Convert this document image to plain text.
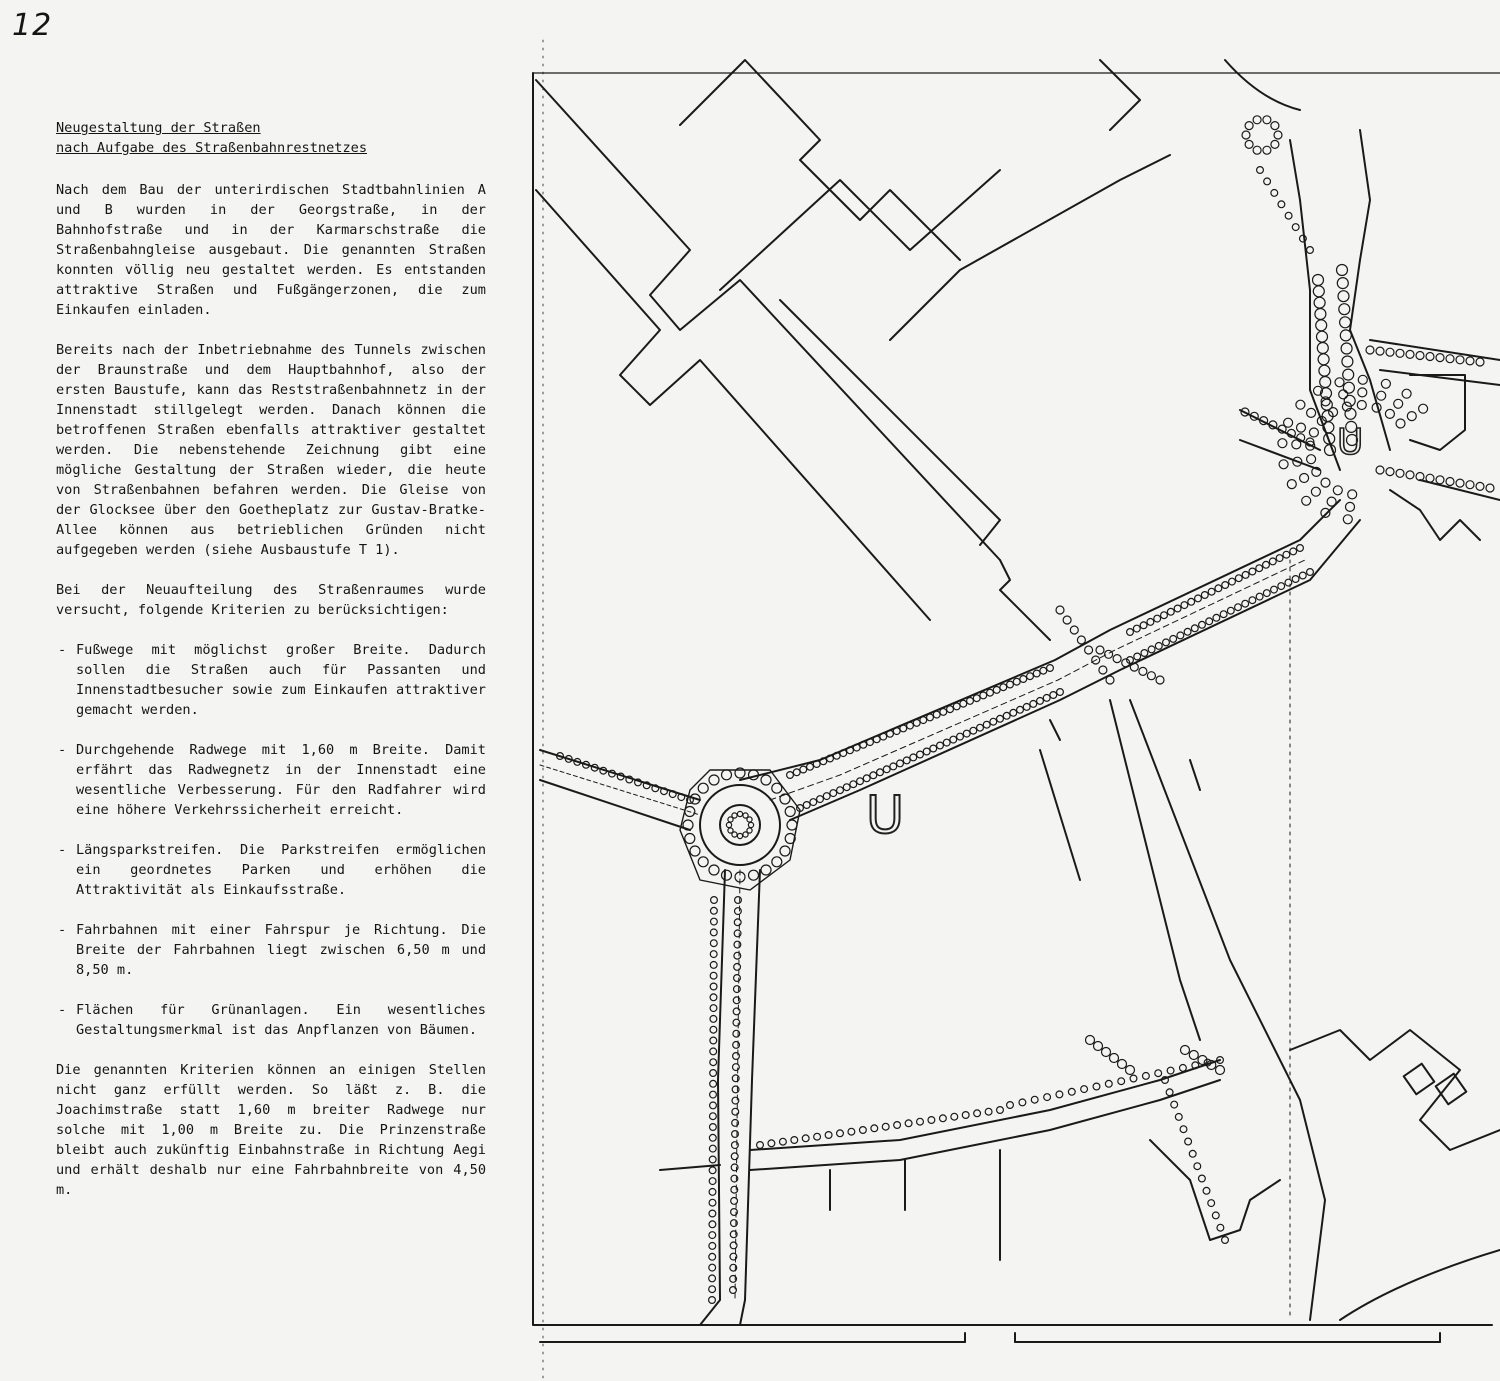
12
Neugestaltung der Straßen
nach Aufgabe des Straßenbahnrestnetzes

Nach dem Bau der unterirdischen Stadtbahnlinien A und B wurden in der Georgstraße, in der Bahnhofstraße und in der Karmarschstraße die Straßenbahngleise ausgebaut. Die genannten Straßen konnten völlig neu gestaltet werden. Es entstanden attraktive Straßen und Fußgängerzonen, die zum Einkaufen einladen.

Bereits nach der Inbetriebnahme des Tunnels zwischen der Braunstraße und dem Hauptbahnhof, also der ersten Baustufe, kann das Reststraßenbahnnetz in der Innenstadt stillgelegt werden. Danach können die betroffenen Straßen ebenfalls attraktiver gestaltet werden. Die nebenstehende Zeichnung gibt eine mögliche Gestaltung der Straßen wieder, die heute von Straßenbahnen befahren werden. Die Gleise von der Glocksee über den Goetheplatz zur Gustav-Bratke-Allee können aus betrieblichen Gründen nicht aufgegeben werden (siehe Ausbaustufe T 1).

Bei der Neuaufteilung des Straßenraumes wurde versucht, folgende Kriterien zu berücksichtigen:

- Fußwege mit möglichst großer Breite. Dadurch sollen die Straßen auch für Passanten und Innenstadtbesucher sowie zum Einkaufen attraktiver gemacht werden.
- Durchgehende Radwege mit 1,60 m Breite. Damit erfährt das Radwegnetz in der Innenstadt eine wesentliche Verbesserung. Für den Radfahrer wird eine höhere Verkehrssicherheit erreicht.
- Längsparkstreifen. Die Parkstreifen ermöglichen ein geordnetes Parken und erhöhen die Attraktivität als Einkaufsstraße.
- Fahrbahnen mit einer Fahrspur je Richtung. Die Breite der Fahrbahnen liegt zwischen 6,50 m und 8,50 m.
- Flächen für Grünanlagen. Ein wesentliches Gestaltungsmerkmal ist das Anpflanzen von Bäumen.

Die genannten Kriterien können an einigen Stellen nicht ganz erfüllt werden. So läßt z. B. die Joachimstraße statt 1,60 m breiter Radwege nur solche mit 1,00 m Breite zu. Die Prinzenstraße bleibt auch zukünftig Einbahnstraße in Richtung Aegi und erhält deshalb nur eine Fahrbahnbreite von 4,50 m.

U
U
